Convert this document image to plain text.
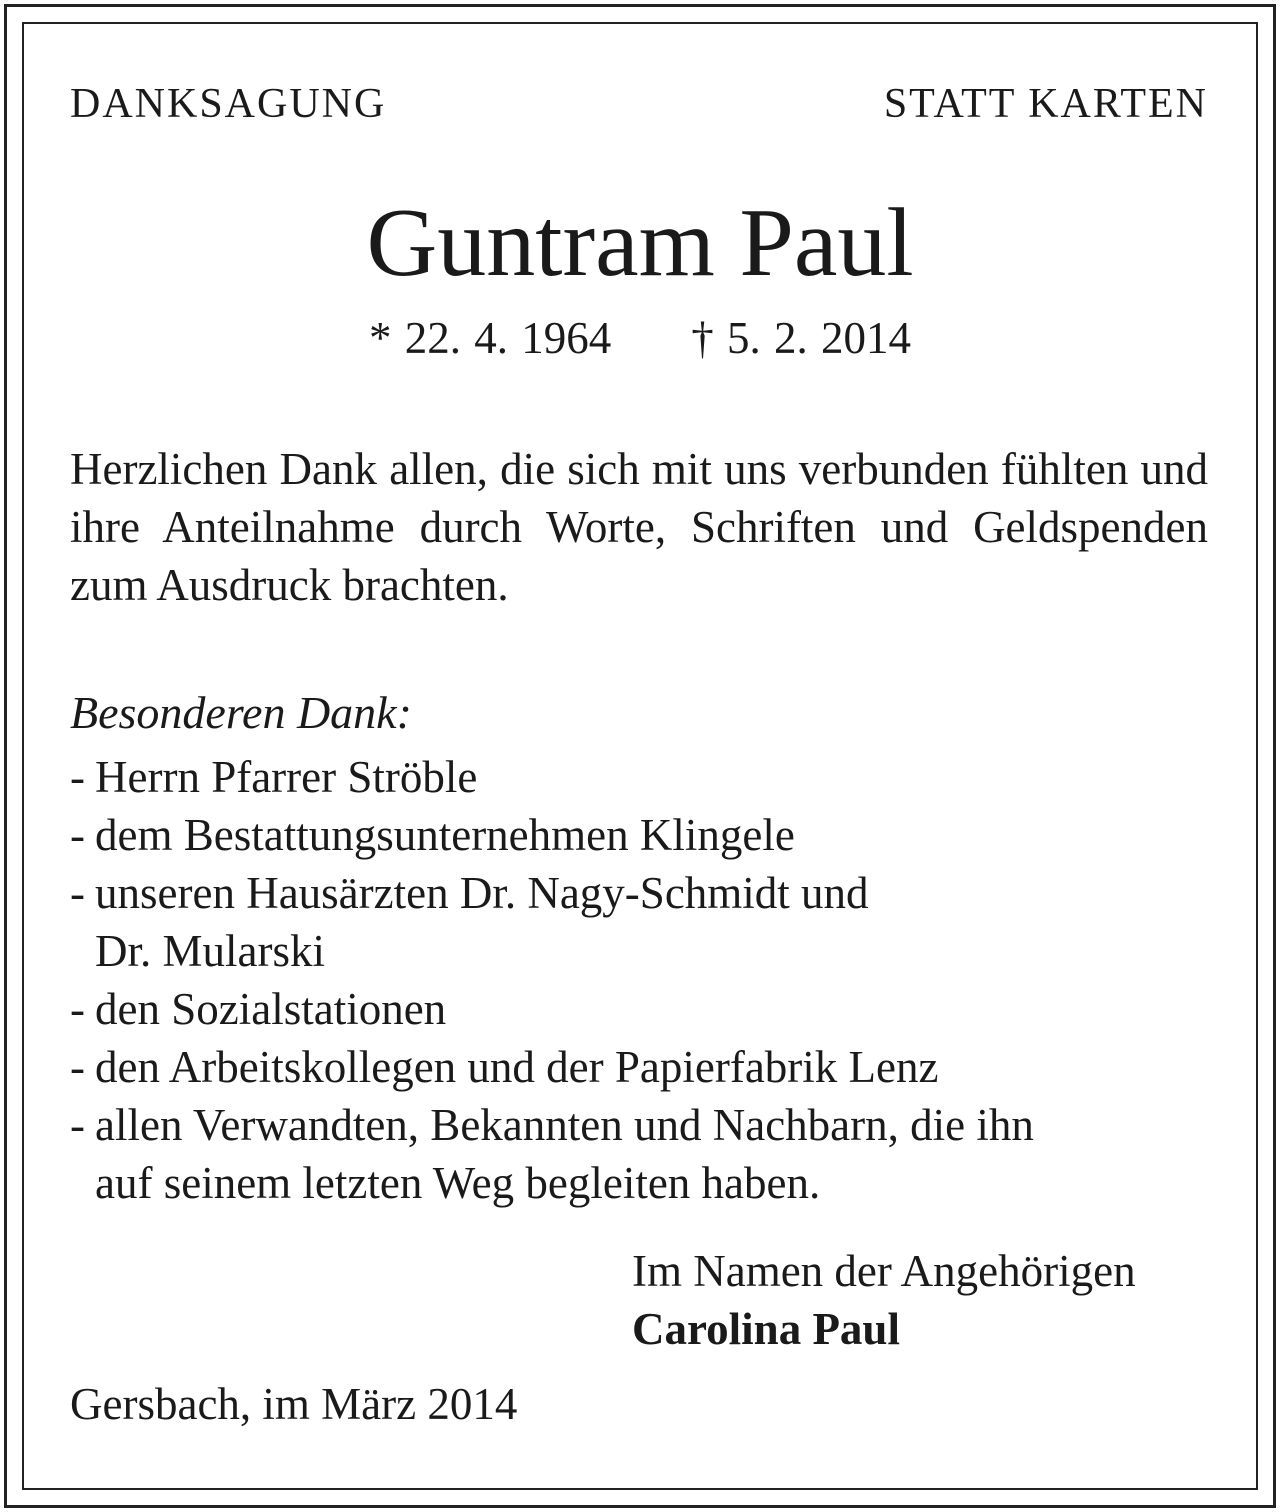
DANKSAGUNG	STATT KARTEN
Guntram Paul
* 22. 4. 1964 † 5. 2. 2014

Herzlichen Dank allen, die sich mit uns verbunden fühlten und ihre Anteilnahme durch Worte, Schriften und Geldspenden zum Ausdruck brachten.

Besonderen Dank:
- Herrn Pfarrer Ströble
- dem Bestattungsunternehmen Klingele
- unseren Hausärzten Dr. Nagy-Schmidt und Dr. Mularski
- den Sozialstationen
- den Arbeitskollegen und der Papierfabrik Lenz
- allen Verwandten, Bekannten und Nachbarn, die ihn auf seinem letzten Weg begleiten haben.
Im Namen der Angehörigen
Carolina Paul
Gersbach, im März 2014
